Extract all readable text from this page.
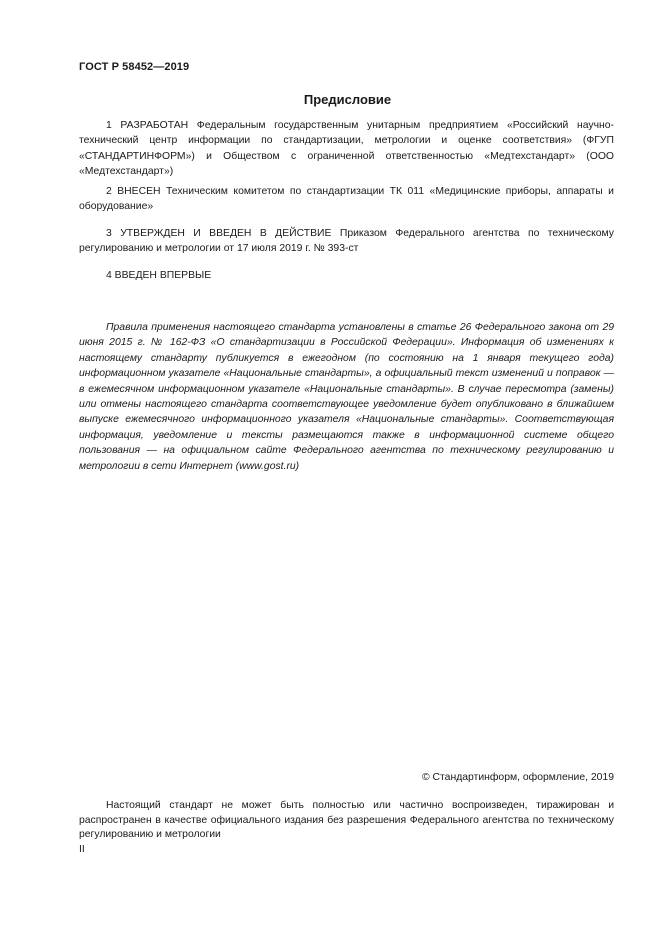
ГОСТ Р 58452—2019
Предисловие

1 РАЗРАБОТАН Федеральным государственным унитарным предприятием «Российский научно-технический центр информации по стандартизации, метрологии и оценке соответствия» (ФГУП «СТАНДАРТИНФОРМ») и Обществом с ограниченной ответственностью «Медтехстандарт» (ООО «Медтехстандарт»)

2 ВНЕСЕН Техническим комитетом по стандартизации ТК 011 «Медицинские приборы, аппараты и оборудование»

3 УТВЕРЖДЕН И ВВЕДЕН В ДЕЙСТВИЕ Приказом Федерального агентства по техническому регулированию и метрологии от 17 июля 2019 г. № 393-ст

4 ВВЕДЕН ВПЕРВЫЕ

Правила применения настоящего стандарта установлены в статье 26 Федерального закона от 29 июня 2015 г. № 162-ФЗ «О стандартизации в Российской Федерации». Информация об изменениях к настоящему стандарту публикуется в ежегодном (по состоянию на 1 января текущего года) информационном указателе «Национальные стандарты», а официальный текст изменений и поправок — в ежемесячном информационном указателе «Национальные стандарты». В случае пересмотра (замены) или отмены настоящего стандарта соответствующее уведомление будет опубликовано в ближайшем выпуске ежемесячного информационного указателя «Национальные стандарты». Соответствующая информация, уведомление и тексты размещаются также в информационной системе общего пользования — на официальном сайте Федерального агентства по техническому регулированию и метрологии в сети Интернет (www.gost.ru)

© Стандартинформ, оформление, 2019

Настоящий стандарт не может быть полностью или частично воспроизведен, тиражирован и распространен в качестве официального издания без разрешения Федерального агентства по техническому регулированию и метрологии

II
